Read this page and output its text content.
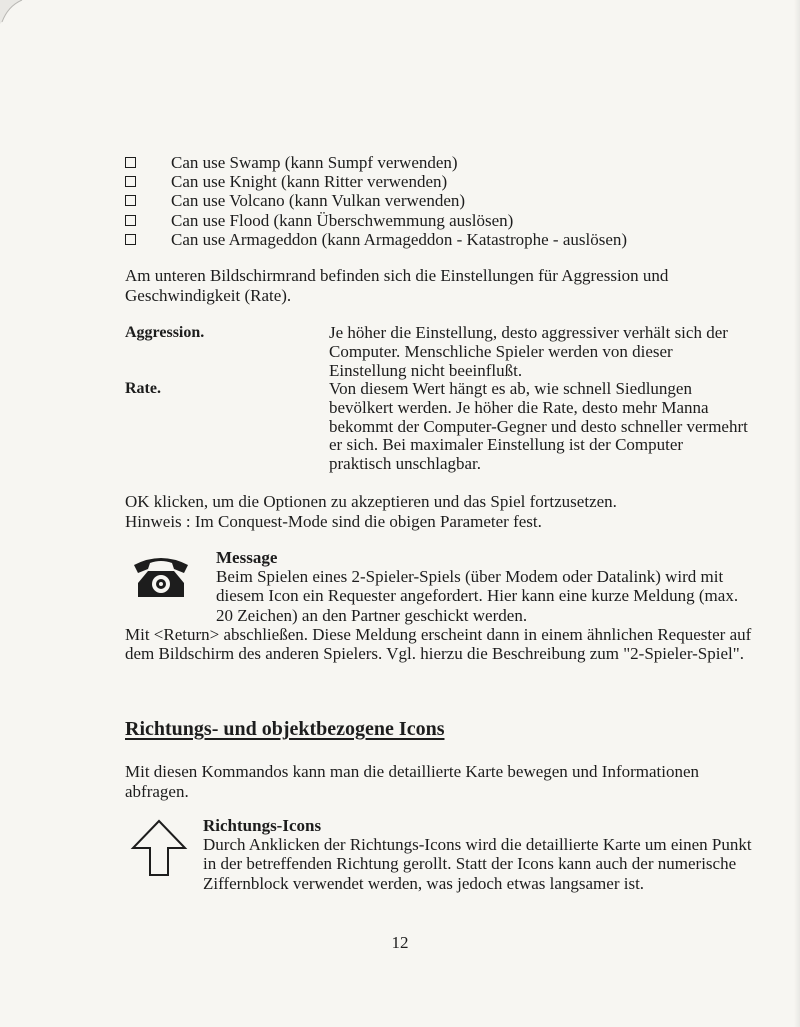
Can use Swamp (kann Sumpf verwenden)
Can use Knight (kann Ritter verwenden)
Can use Volcano (kann Vulkan verwenden)
Can use Flood (kann Überschwemmung auslösen)
Can use Armageddon (kann Armageddon - Katastrophe - auslösen)
Am unteren Bildschirmrand befinden sich die Einstellungen für Aggression und Geschwindigkeit (Rate).
Aggression.	Je höher die Einstellung, desto aggressiver verhält sich der Computer. Menschliche Spieler werden von dieser Einstellung nicht beeinflußt.
Rate.	Von diesem Wert hängt es ab, wie schnell Siedlungen bevölkert werden. Je höher die Rate, desto mehr Manna bekommt der Computer-Gegner und desto schneller vermehrt er sich. Bei maximaler Einstellung ist der Computer praktisch unschlagbar.
OK klicken, um die Optionen zu akzeptieren und das Spiel fortzusetzen.
Hinweis : Im Conquest-Mode sind die obigen Parameter fest.
Message
Beim Spielen eines 2-Spieler-Spiels (über Modem oder Datalink) wird mit diesem Icon ein Requester angefordert. Hier kann eine kurze Meldung (max. 20 Zeichen) an den Partner geschickt werden.
Mit <Return> abschließen. Diese Meldung erscheint dann in einem ähnlichen Requester auf dem Bildschirm des anderen Spielers. Vgl. hierzu die Beschreibung zum "2-Spieler-Spiel".
Richtungs- und objektbezogene Icons
Mit diesen Kommandos kann man die detaillierte Karte bewegen und Informationen abfragen.
Richtungs-Icons
Durch Anklicken der Richtungs-Icons wird die detaillierte Karte um einen Punkt in der betreffenden Richtung gerollt. Statt der Icons kann auch der numerische Ziffernblock verwendet werden, was jedoch etwas langsamer ist.
12
